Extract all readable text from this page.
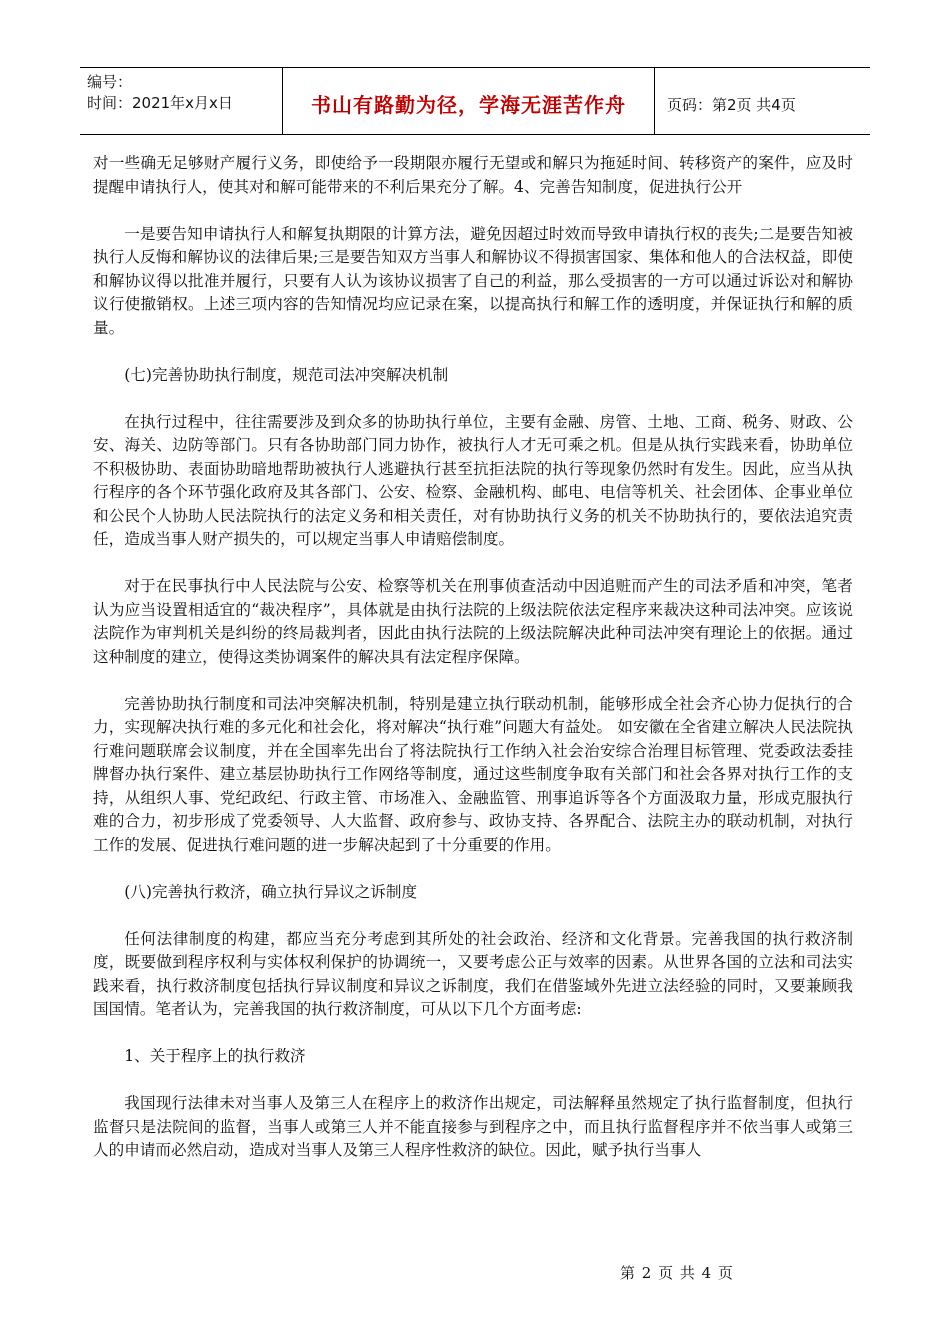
编号：
时间：2021年x月x日	书山有路勤为径，学海无涯苦作舟	页码：第2页 共4页

对一些确无足够财产履行义务，即使给予一段期限亦履行无望或和解只为拖延时间、转移资产的案件，应及时提醒申请执行人，使其对和解可能带来的不利后果充分了解。4、完善告知制度，促进执行公开

一是要告知申请执行人和解复执期限的计算方法，避免因超过时效而导致申请执行权的丧失;二是要告知被执行人反悔和解协议的法律后果;三是要告知双方当事人和解协议不得损害国家、集体和他人的合法权益，即使和解协议得以批准并履行，只要有人认为该协议损害了自己的利益，那么受损害的一方可以通过诉讼对和解协议行使撤销权。上述三项内容的告知情况均应记录在案，以提高执行和解工作的透明度，并保证执行和解的质量。

(七)完善协助执行制度，规范司法冲突解决机制

在执行过程中，往往需要涉及到众多的协助执行单位，主要有金融、房管、土地、工商、税务、财政、公安、海关、边防等部门。只有各协助部门同力协作，被执行人才无可乘之机。但是从执行实践来看，协助单位不积极协助、表面协助暗地帮助被执行人逃避执行甚至抗拒法院的执行等现象仍然时有发生。因此，应当从执行程序的各个环节强化政府及其各部门、公安、检察、金融机构、邮电、电信等机关、社会团体、企事业单位和公民个人协助人民法院执行的法定义务和相关责任，对有协助执行义务的机关不协助执行的，要依法追究责任，造成当事人财产损失的，可以规定当事人申请赔偿制度。

对于在民事执行中人民法院与公安、检察等机关在刑事侦查活动中因追赃而产生的司法矛盾和冲突，笔者认为应当设置相适宜的“裁决程序”，具体就是由执行法院的上级法院依法定程序来裁决这种司法冲突。应该说法院作为审判机关是纠纷的终局裁判者，因此由执行法院的上级法院解决此种司法冲突有理论上的依据。通过这种制度的建立，使得这类协调案件的解决具有法定程序保障。

完善协助执行制度和司法冲突解决机制，特别是建立执行联动机制，能够形成全社会齐心协力促执行的合力，实现解决执行难的多元化和社会化，将对解决“执行难”问题大有益处。 如安徽在全省建立解决人民法院执行难问题联席会议制度，并在全国率先出台了将法院执行工作纳入社会治安综合治理目标管理、党委政法委挂牌督办执行案件、建立基层协助执行工作网络等制度，通过这些制度争取有关部门和社会各界对执行工作的支持，从组织人事、党纪政纪、行政主管、市场准入、金融监管、刑事追诉等各个方面汲取力量，形成克服执行难的合力，初步形成了党委领导、人大监督、政府参与、政协支持、各界配合、法院主办的联动机制，对执行工作的发展、促进执行难问题的进一步解决起到了十分重要的作用。

(八)完善执行救济，确立执行异议之诉制度

任何法律制度的构建，都应当充分考虑到其所处的社会政治、经济和文化背景。完善我国的执行救济制度，既要做到程序权利与实体权利保护的协调统一，又要考虑公正与效率的因素。从世界各国的立法和司法实践来看，执行救济制度包括执行异议制度和异议之诉制度，我们在借鉴域外先进立法经验的同时，又要兼顾我国国情。笔者认为，完善我国的执行救济制度，可从以下几个方面考虑:

1、关于程序上的执行救济

我国现行法律未对当事人及第三人在程序上的救济作出规定，司法解释虽然规定了执行监督制度，但执行监督只是法院间的监督，当事人或第三人并不能直接参与到程序之中，而且执行监督程序并不依当事人或第三人的申请而必然启动，造成对当事人及第三人程序性救济的缺位。因此，赋予执行当事人

第 2 页 共 4 页
